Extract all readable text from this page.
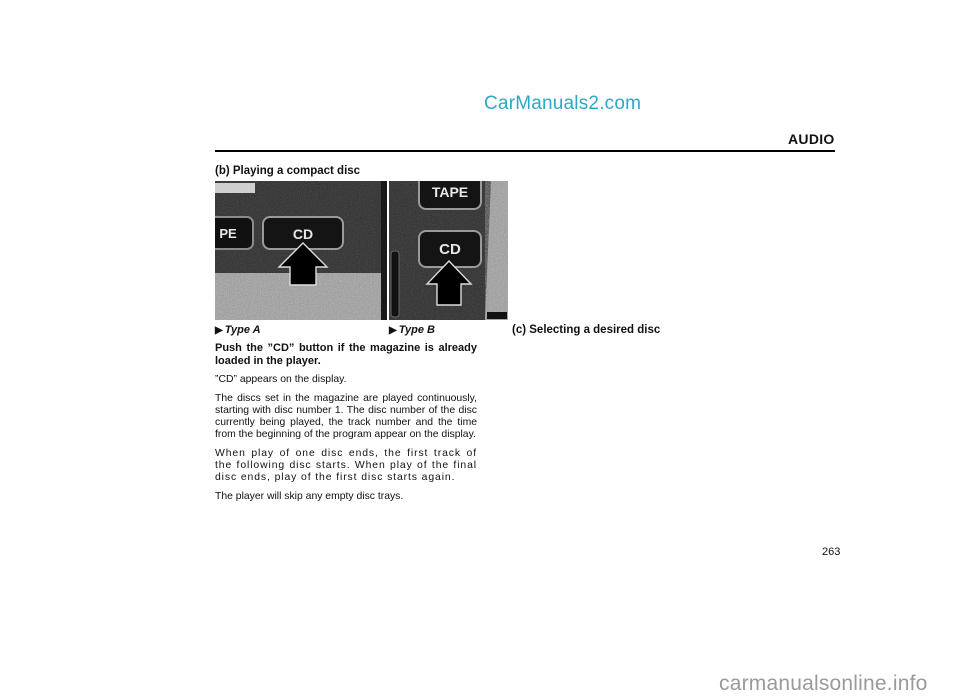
CarManuals2.com
AUDIO
(b) Playing a compact disc
PE	CD
TAPE
CD
▶ Type A	▶ Type B	(c) Selecting a desired disc

Push the ”CD” button if the magazine is already loaded in the player.

”CD” appears on the display.

The discs set in the magazine are played continuously, starting with disc number 1. The disc number of the disc currently being played, the track number and the time from the beginning of the program appear on the display.

When play of one disc ends, the first track of the following disc starts. When play of the final disc ends, play of the first disc starts again.

The player will skip any empty disc trays.

263
carmanualsonline.info
